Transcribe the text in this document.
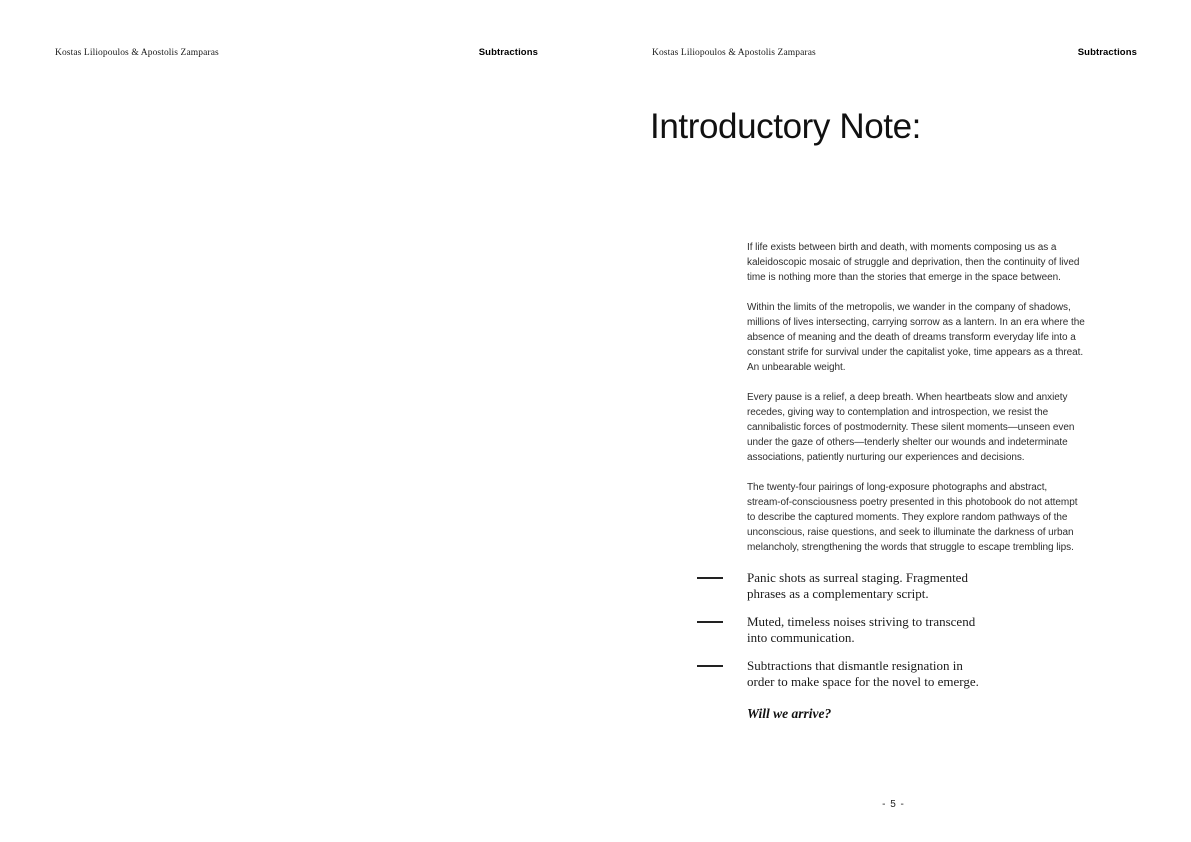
Kostas Liliopoulos & Apostolis Zamparas	Subtractions	Kostas Liliopoulos & Apostolis Zamparas	Subtractions
Introductory Note:

If life exists between birth and death, with moments composing us as a
kaleidoscopic mosaic of struggle and deprivation, then the continuity of lived
time is nothing more than the stories that emerge in the space between.

Within the limits of the metropolis, we wander in the company of shadows,
millions of lives intersecting, carrying sorrow as a lantern. In an era where the
absence of meaning and the death of dreams transform everyday life into a
constant strife for survival under the capitalist yoke, time appears as a threat.
An unbearable weight.

Every pause is a relief, a deep breath. When heartbeats slow and anxiety
recedes, giving way to contemplation and introspection, we resist the
cannibalistic forces of postmodernity. These silent moments—unseen even
under the gaze of others—tenderly shelter our wounds and indeterminate
associations, patiently nurturing our experiences and decisions.

The twenty-four pairings of long-exposure photographs and abstract,
stream-of-consciousness poetry presented in this photobook do not attempt
to describe the captured moments. They explore random pathways of the
unconscious, raise questions, and seek to illuminate the darkness of urban
melancholy, strengthening the words that struggle to escape trembling lips.

Panic shots as surreal staging. Fragmented
phrases as a complementary script.
Muted, timeless noises striving to transcend
into communication.
Subtractions that dismantle resignation in
order to make space for the novel to emerge.

Will we arrive?

- 5 -
